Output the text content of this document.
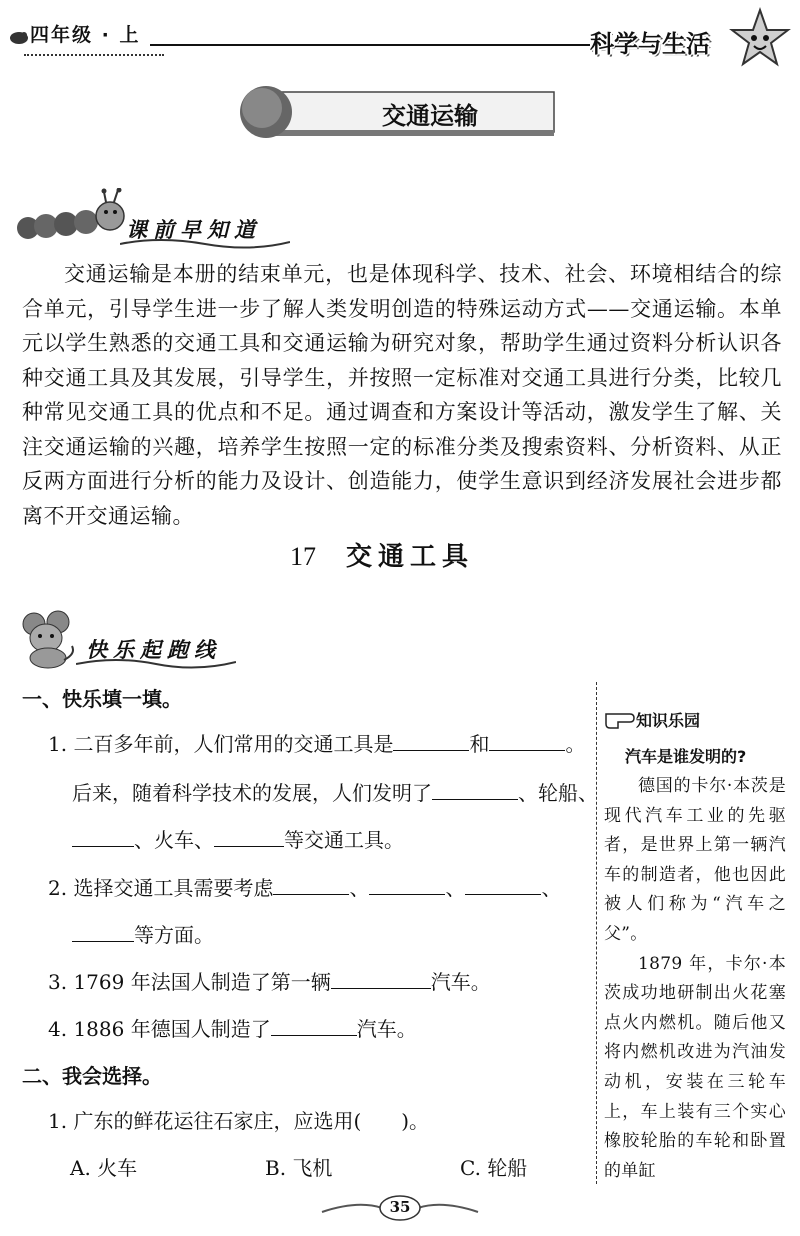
四年级 · 上	科学与生活
交通运输
课前早知道
交通运输是本册的结束单元，也是体现科学、技术、社会、环境相结合的综合单元，引导学生进一步了解人类发明创造的特殊运动方式——交通运输。本单元以学生熟悉的交通工具和交通运输为研究对象，帮助学生通过资料分析认识各种交通工具及其发展，引导学生，并按照一定标准对交通工具进行分类，比较几种常见交通工具的优点和不足。通过调查和方案设计等活动，激发学生了解、关注交通运输的兴趣，培养学生按照一定的标准分类及搜索资料、分析资料、从正反两方面进行分析的能力及设计、创造能力，使学生意识到经济发展社会进步都离不开交通运输。
17 交通工具
快乐起跑线
一、快乐填一填。
1. 二百多年前，人们常用的交通工具是	和	。
后来，随着科学技术的发展，人们发明了	、轮船、
、火车、	等交通工具。
2. 选择交通工具需要考虑	、	、	、
等方面。
3. 1769 年法国人制造了第一辆	汽车。
4. 1886 年德国人制造了	汽车。
二、我会选择。
1. 广东的鲜花运往石家庄，应选用(　　)。
A. 火车	B. 飞机	C. 轮船
知识乐园
汽车是谁发明的?

德国的卡尔·本茨是现代汽车工业的先驱者，是世界上第一辆汽车的制造者，他也因此被人们称为“汽车之父”。

1879 年，卡尔·本茨成功地研制出火花塞点火内燃机。随后他又将内燃机改进为汽油发动机，安装在三轮车上，车上装有三个实心橡胶轮胎的车轮和卧置的单缸

35
